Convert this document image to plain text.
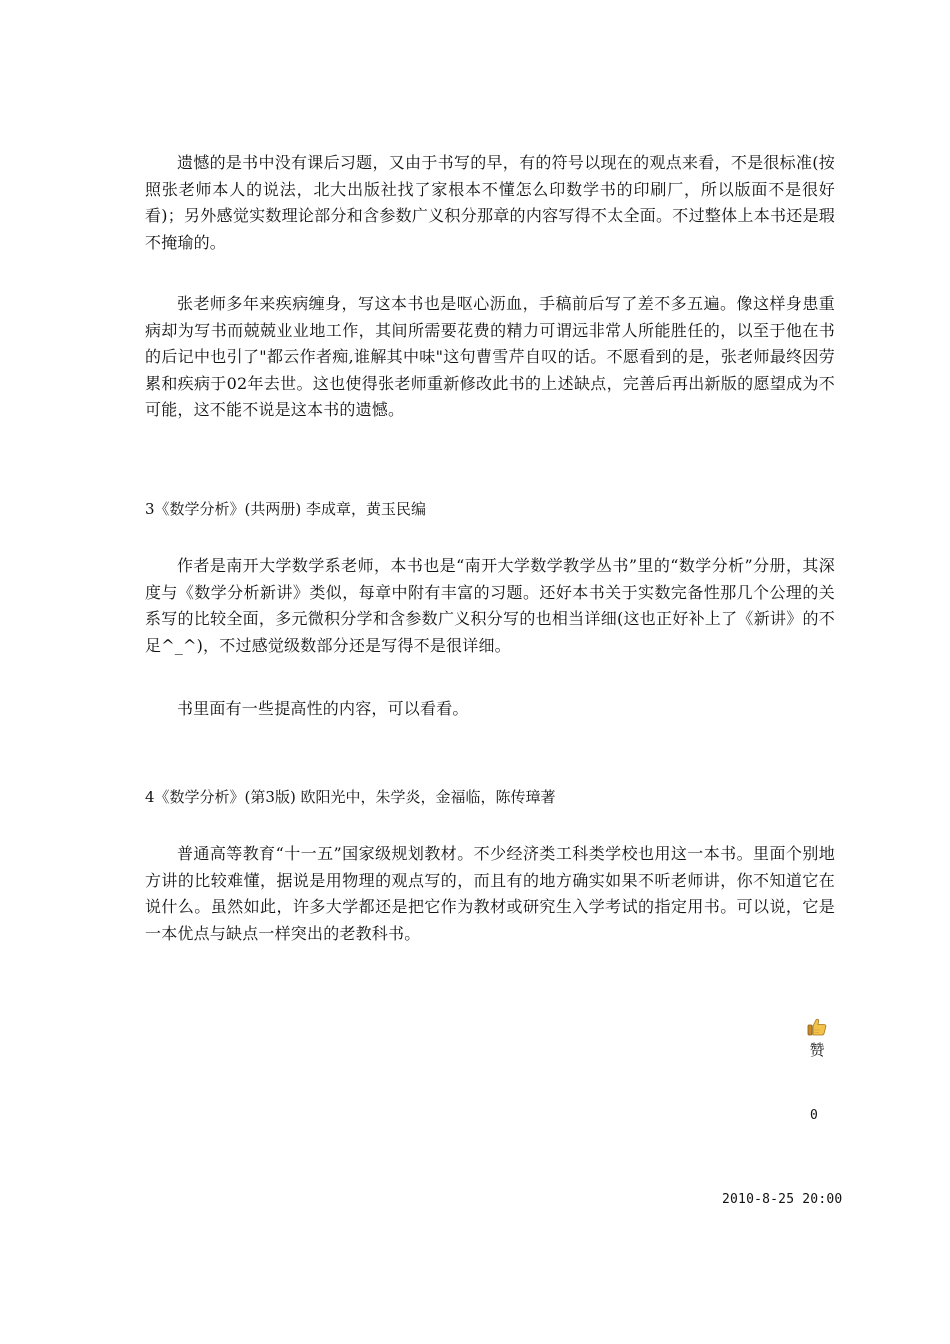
遗憾的是书中没有课后习题，又由于书写的早，有的符号以现在的观点来看，不是很标准(按照张老师本人的说法，北大出版社找了家根本不懂怎么印数学书的印刷厂，所以版面不是很好看)；另外感觉实数理论部分和含参数广义积分那章的内容写得不太全面。不过整体上本书还是瑕不掩瑜的。

张老师多年来疾病缠身，写这本书也是呕心沥血，手稿前后写了差不多五遍。像这样身患重病却为写书而兢兢业业地工作，其间所需要花费的精力可谓远非常人所能胜任的，以至于他在书的后记中也引了"都云作者痴,谁解其中味"这句曹雪芹自叹的话。不愿看到的是，张老师最终因劳累和疾病于02年去世。这也使得张老师重新修改此书的上述缺点，完善后再出新版的愿望成为不可能，这不能不说是这本书的遗憾。

3《数学分析》(共两册) 李成章，黄玉民编

作者是南开大学数学系老师，本书也是“南开大学数学教学丛书”里的“数学分析”分册，其深度与《数学分析新讲》类似，每章中附有丰富的习题。还好本书关于实数完备性那几个公理的关系写的比较全面，多元微积分学和含参数广义积分写的也相当详细(这也正好补上了《新讲》的不足^_^)，不过感觉级数部分还是写得不是很详细。

书里面有一些提高性的内容，可以看看。

4《数学分析》(第3版) 欧阳光中，朱学炎，金福临，陈传璋著

普通高等教育“十一五”国家级规划教材。不少经济类工科类学校也用这一本书。里面个别地方讲的比较难懂，据说是用物理的观点写的，而且有的地方确实如果不听老师讲，你不知道它在说什么。虽然如此，许多大学都还是把它作为教材或研究生入学考试的指定用书。可以说，它是一本优点与缺点一样突出的老教科书。

赞
0
2010-8-25 20:00
